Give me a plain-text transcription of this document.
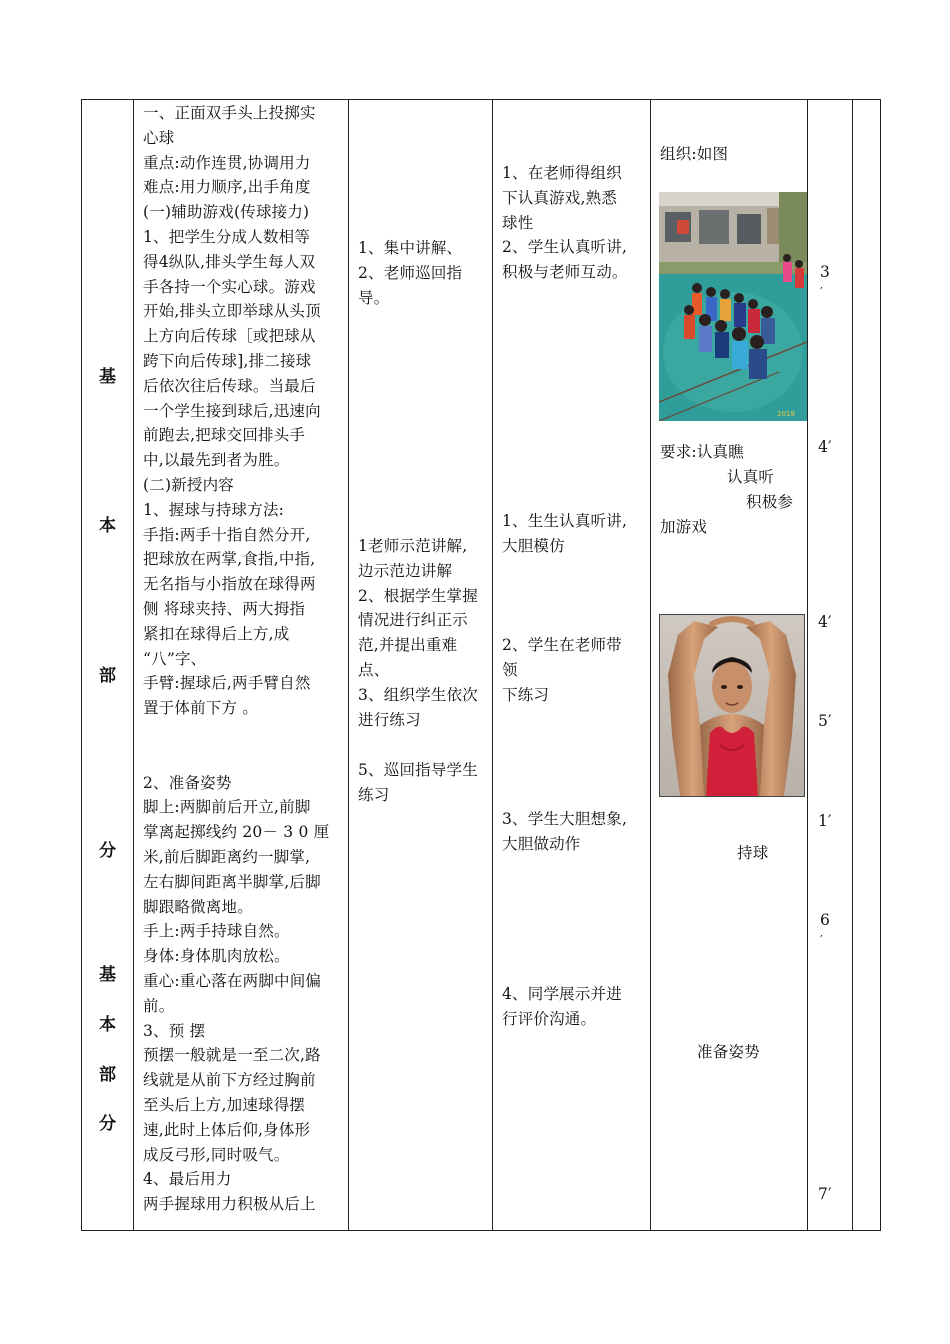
基
本
部
分
基
本
部
分
一、正面双手头上投掷实
心球
重点:动作连贯,协调用力
难点:用力顺序,出手角度
(一)辅助游戏(传球接力)
1、把学生分成人数相等
得4纵队,排头学生每人双
手各持一个实心球。游戏
开始,排头立即举球从头顶
上方向后传球［或把球从
跨下向后传球],排二接球
后依次往后传球。当最后
一个学生接到球后,迅速向
前跑去,把球交回排头手
中,以最先到者为胜。
(二)新授内容
1、握球与持球方法:
手指:两手十指自然分开,
把球放在两掌,食指,中指,
无名指与小指放在球得两
侧 将球夹持、两大拇指
紧扣在球得后上方,成
“八”字、
手臂:握球后,两手臂自然
置于体前下方 。
2、准备姿势
脚上:两脚前后开立,前脚
掌离起掷线约 20－ 3 0 厘
米,前后脚距离约一脚掌,
左右脚间距离半脚掌,后脚
脚跟略微离地。
手上:两手持球自然。
身体:身体肌肉放松。
重心:重心落在两脚中间偏
前。
3、预 摆
预摆一般就是一至二次,路
线就是从前下方经过胸前
至头后上方,加速球得摆
速,此时上体后仰,身体形
成反弓形,同时吸气。
4、最后用力
两手握球用力积极从后上
1、集中讲解、
2、老师巡回指
导。
1老师示范讲解,
边示范边讲解
2、根据学生掌握
情况进行纠正示
范,并提出重难
点、
3、组织学生依次
进行练习
5、巡回指导学生
练习
1、在老师得组织
下认真游戏,熟悉
球性
2、学生认真听讲,
积极与老师互动。
1、生生认真听讲,
大胆模仿
2、学生在老师带
领
下练习
3、学生大胆想象,
大胆做动作
4、同学展示并进
行评价沟通。
组织:如图
2019
要求:认真瞧
认真听
积极参
加游戏
持球
准备姿势
3
′
4′
4′
5′
1′
6
′
7′
